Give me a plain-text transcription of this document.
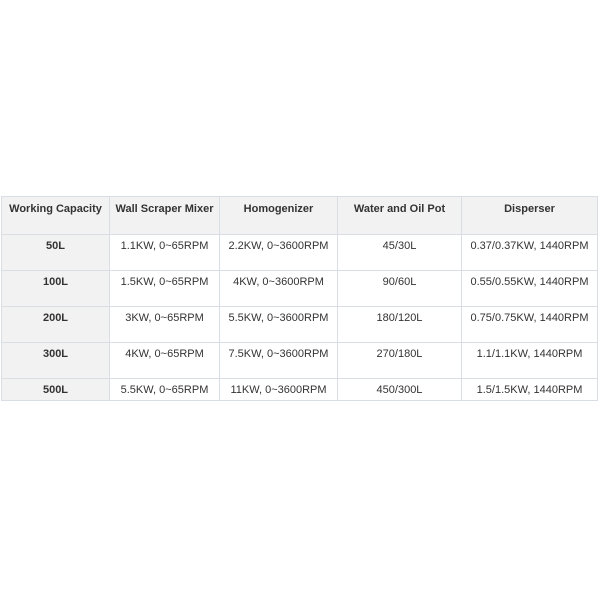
Working Capacity	Wall Scraper Mixer	Homogenizer	Water and Oil Pot	Disperser
50L	1.1KW, 0~65RPM	2.2KW, 0~3600RPM	45/30L	0.37/0.37KW, 1440RPM
100L	1.5KW, 0~65RPM	4KW, 0~3600RPM	90/60L	0.55/0.55KW, 1440RPM
200L	3KW, 0~65RPM	5.5KW, 0~3600RPM	180/120L	0.75/0.75KW, 1440RPM
300L	4KW, 0~65RPM	7.5KW, 0~3600RPM	270/180L	1.1/1.1KW, 1440RPM
500L	5.5KW, 0~65RPM	11KW, 0~3600RPM	450/300L	1.5/1.5KW, 1440RPM
